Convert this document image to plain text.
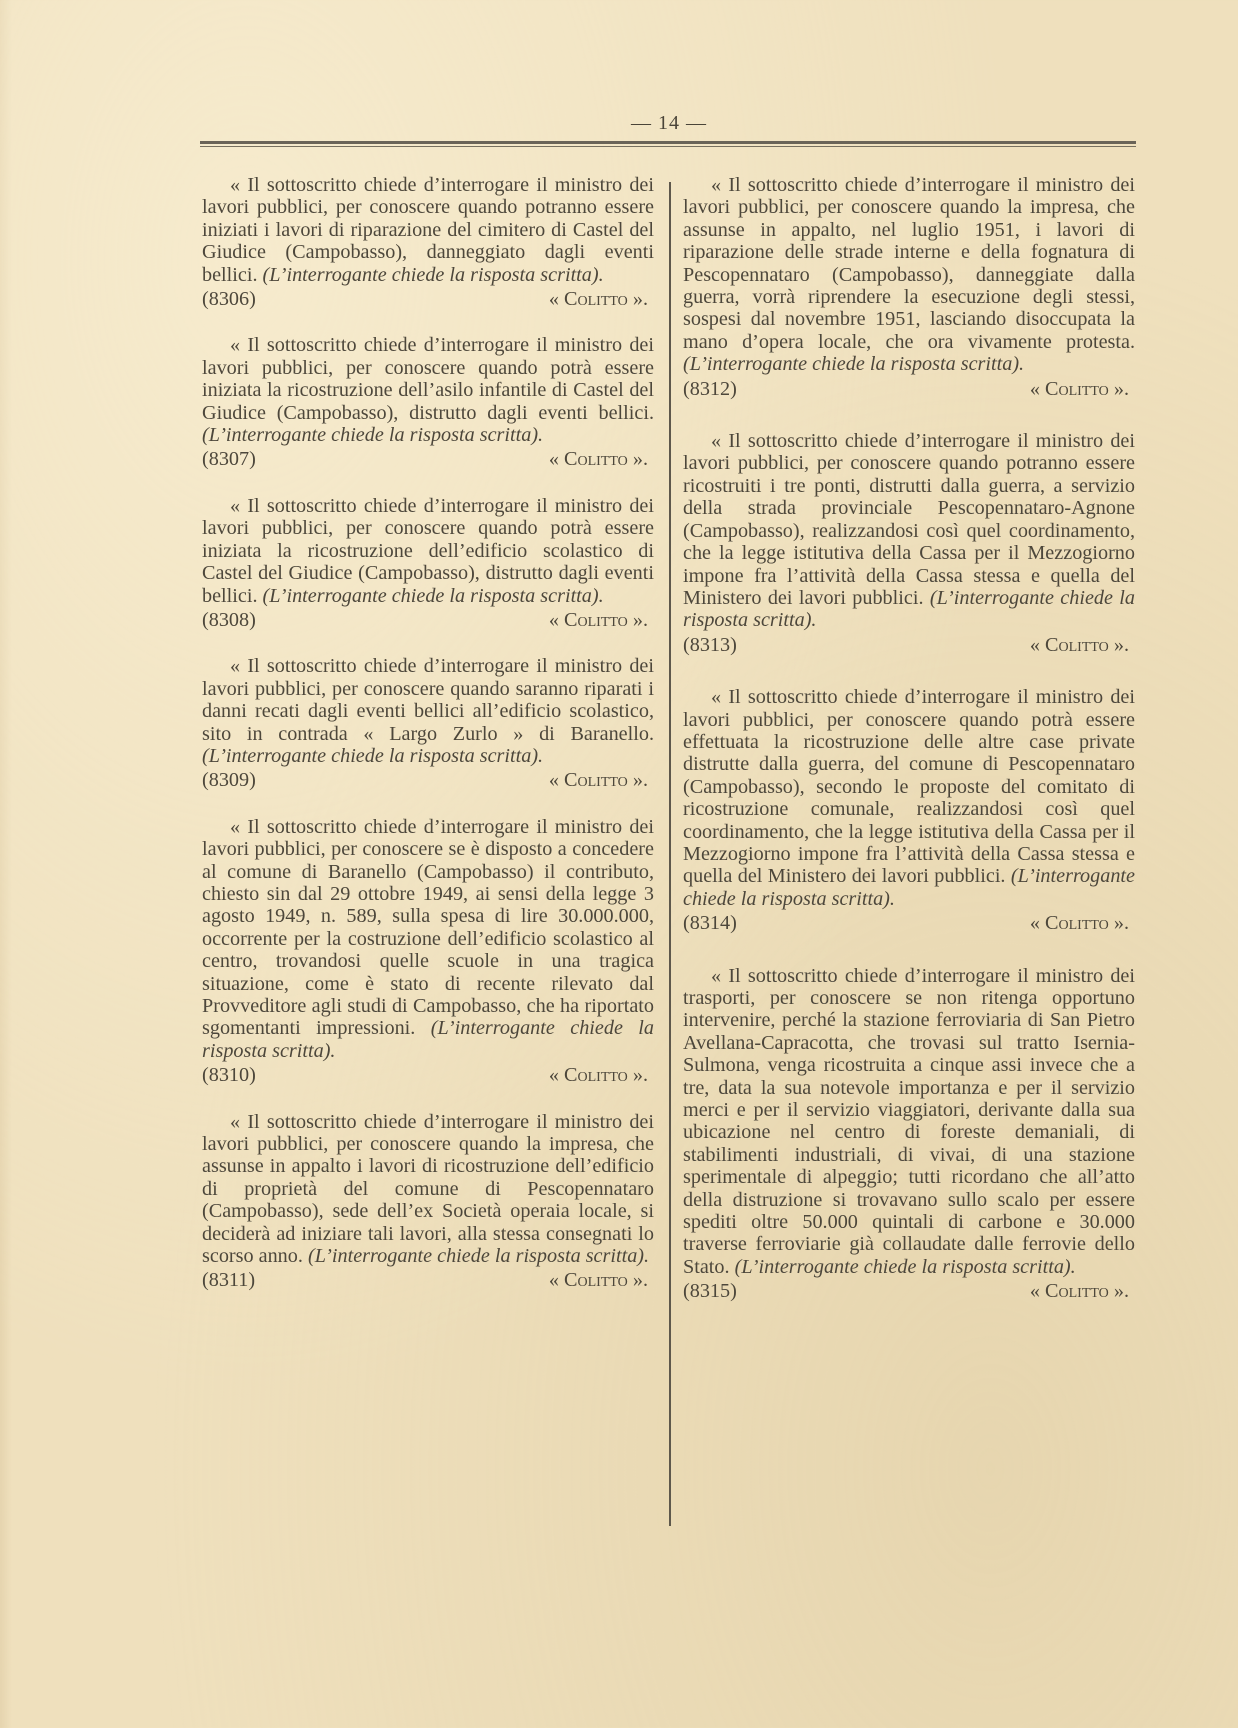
— 14 —

« Il sottoscritto chiede d’interrogare il ministro dei lavori pubblici, per conoscere quando potranno essere iniziati i lavori di riparazione del cimitero di Castel del Giudice (Campobasso), danneggiato dagli eventi bellici. (L’interrogante chiede la risposta scritta).

(8306)	« Colitto ».

« Il sottoscritto chiede d’interrogare il ministro dei lavori pubblici, per conoscere quando potrà essere iniziata la ricostruzione dell’asilo infantile di Castel del Giudice (Campobasso), distrutto dagli eventi bellici. (L’interrogante chiede la risposta scritta).

(8307)	« Colitto ».

« Il sottoscritto chiede d’interrogare il ministro dei lavori pubblici, per conoscere quando potrà essere iniziata la ricostruzione dell’edificio scolastico di Castel del Giudice (Campobasso), distrutto dagli eventi bellici. (L’interrogante chiede la risposta scritta).

(8308)	« Colitto ».

« Il sottoscritto chiede d’interrogare il ministro dei lavori pubblici, per conoscere quando saranno riparati i danni recati dagli eventi bellici all’edificio scolastico, sito in contrada « Largo Zurlo » di Baranello. (L’interrogante chiede la risposta scritta).

(8309)	« Colitto ».

« Il sottoscritto chiede d’interrogare il ministro dei lavori pubblici, per conoscere se è disposto a concedere al comune di Baranello (Campobasso) il contributo, chiesto sin dal 29 ottobre 1949, ai sensi della legge 3 agosto 1949, n. 589, sulla spesa di lire 30.000.000, occorrente per la costruzione dell’edificio scolastico al centro, trovandosi quelle scuole in una tragica situazione, come è stato di recente rilevato dal Provveditore agli studi di Campobasso, che ha riportato sgomentanti impressioni. (L’interrogante chiede la risposta scritta).

(8310)	« Colitto ».

« Il sottoscritto chiede d’interrogare il ministro dei lavori pubblici, per conoscere quando la impresa, che assunse in appalto i lavori di ricostruzione dell’edificio di proprietà del comune di Pescopennataro (Campobasso), sede dell’ex Società operaia locale, si deciderà ad iniziare tali lavori, alla stessa consegnati lo scorso anno. (L’interrogante chiede la risposta scritta).

(8311)	« Colitto ».

« Il sottoscritto chiede d’interrogare il ministro dei lavori pubblici, per conoscere quando la impresa, che assunse in appalto, nel luglio 1951, i lavori di riparazione delle strade interne e della fognatura di Pescopennataro (Campobasso), danneggiate dalla guerra, vorrà riprendere la esecuzione degli stessi, sospesi dal novembre 1951, lasciando disoccupata la mano d’opera locale, che ora vivamente protesta. (L’interrogante chiede la risposta scritta).

(8312)	« Colitto ».

« Il sottoscritto chiede d’interrogare il ministro dei lavori pubblici, per conoscere quando potranno essere ricostruiti i tre ponti, distrutti dalla guerra, a servizio della strada provinciale Pescopennataro-Agnone (Campobasso), realizzandosi così quel coordinamento, che la legge istitutiva della Cassa per il Mezzogiorno impone fra l’attività della Cassa stessa e quella del Ministero dei lavori pubblici. (L’interrogante chiede la risposta scritta).

(8313)	« Colitto ».

« Il sottoscritto chiede d’interrogare il ministro dei lavori pubblici, per conoscere quando potrà essere effettuata la ricostruzione delle altre case private distrutte dalla guerra, del comune di Pescopennataro (Campobasso), secondo le proposte del comitato di ricostruzione comunale, realizzandosi così quel coordinamento, che la legge istitutiva della Cassa per il Mezzogiorno impone fra l’attività della Cassa stessa e quella del Ministero dei lavori pubblici. (L’interrogante chiede la risposta scritta).

(8314)	« Colitto ».

« Il sottoscritto chiede d’interrogare il ministro dei trasporti, per conoscere se non ritenga opportuno intervenire, perché la stazione ferroviaria di San Pietro Avellana-Capracotta, che trovasi sul tratto Isernia-Sulmona, venga ricostruita a cinque assi invece che a tre, data la sua notevole importanza e per il servizio merci e per il servizio viaggiatori, derivante dalla sua ubicazione nel centro di foreste demaniali, di stabilimenti industriali, di vivai, di una stazione sperimentale di alpeggio; tutti ricordano che all’atto della distruzione si trovavano sullo scalo per essere spediti oltre 50.000 quintali di carbone e 30.000 traverse ferroviarie già collaudate dalle ferrovie dello Stato. (L’interrogante chiede la risposta scritta).

(8315)	« Colitto ».
